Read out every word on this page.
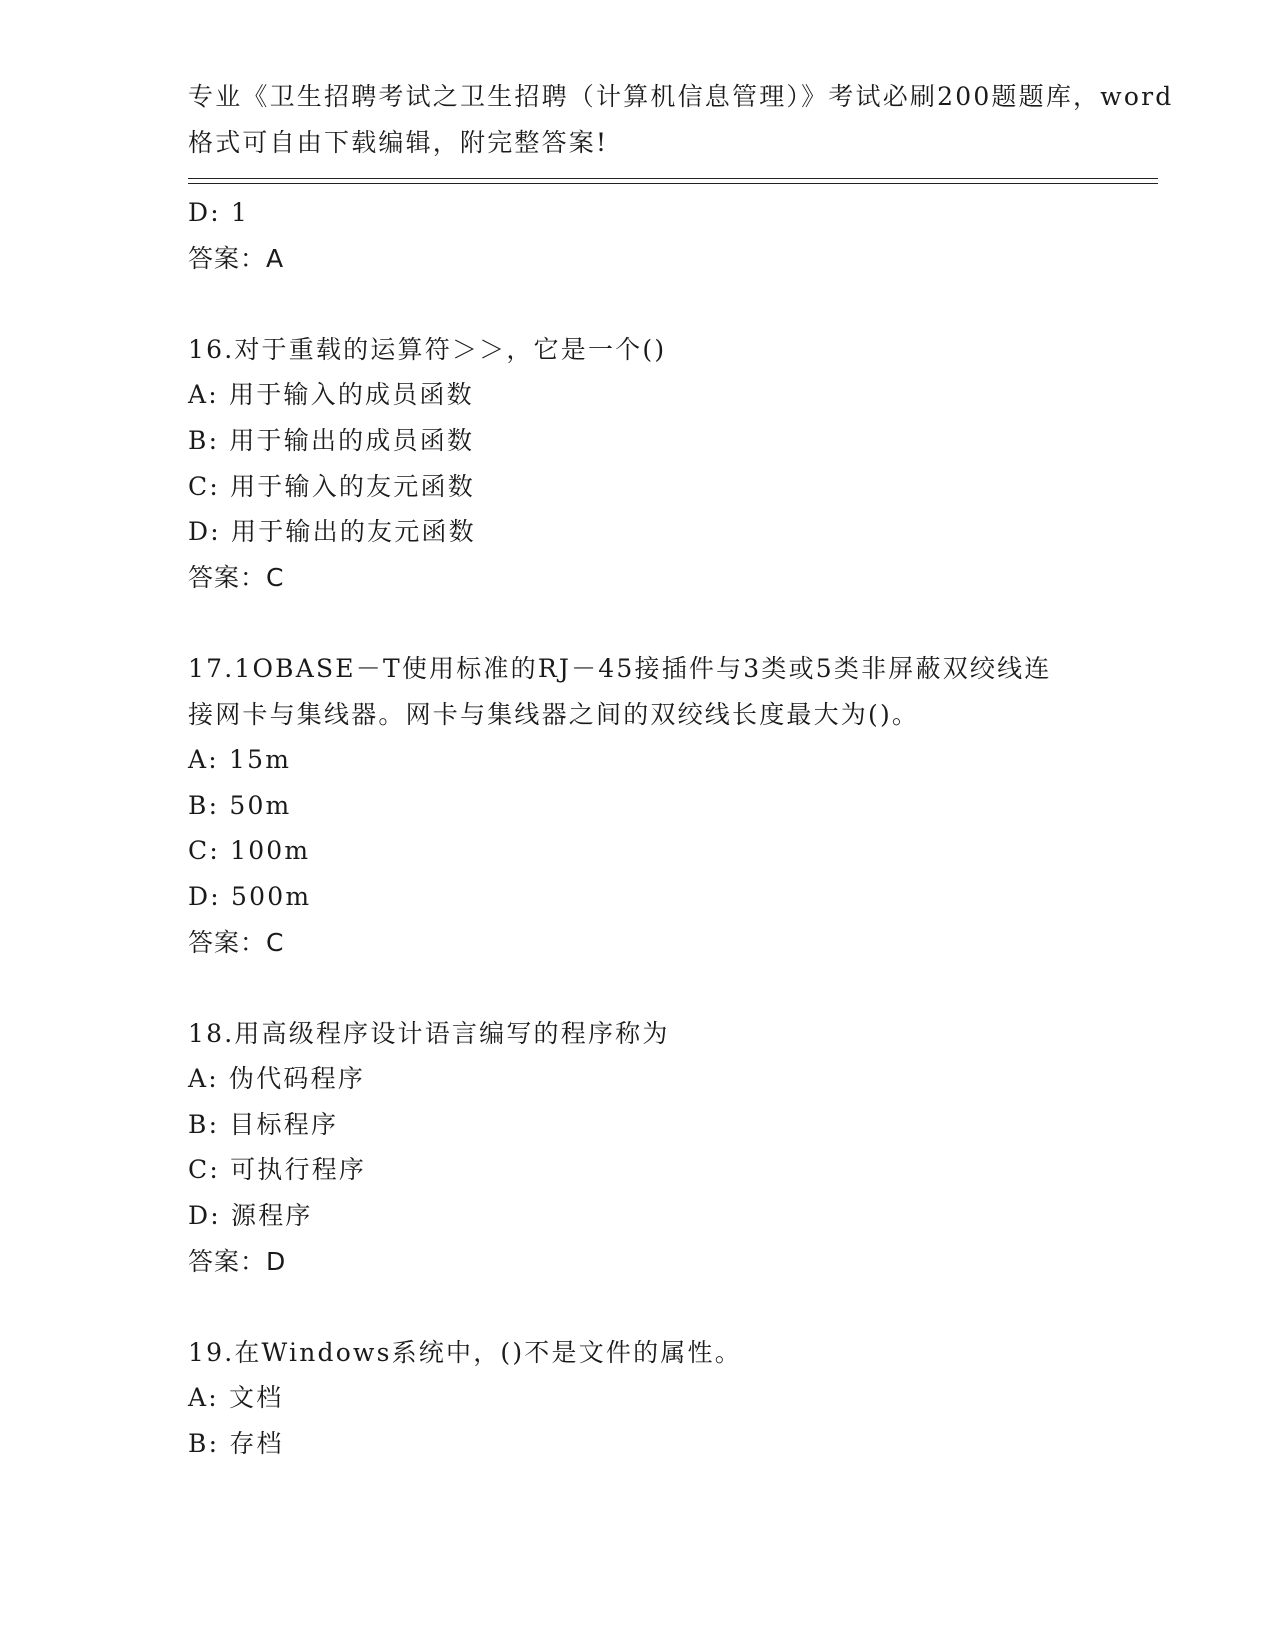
专业《卫生招聘考试之卫生招聘（计算机信息管理）》考试必刷200题题库，word
格式可自由下载编辑，附完整答案!
D: 1
答案：A
16.对于重载的运算符＞＞，它是一个()
A: 用于输入的成员函数
B: 用于输出的成员函数
C: 用于输入的友元函数
D: 用于输出的友元函数
答案：C
17.1OBASE－T使用标准的RJ－45接插件与3类或5类非屏蔽双绞线连
接网卡与集线器。网卡与集线器之间的双绞线长度最大为()。
A: 15m
B: 50m
C: 100m
D: 500m
答案：C
18.用高级程序设计语言编写的程序称为
A: 伪代码程序
B: 目标程序
C: 可执行程序
D: 源程序
答案：D
19.在Windows系统中，()不是文件的属性。
A: 文档
B: 存档
